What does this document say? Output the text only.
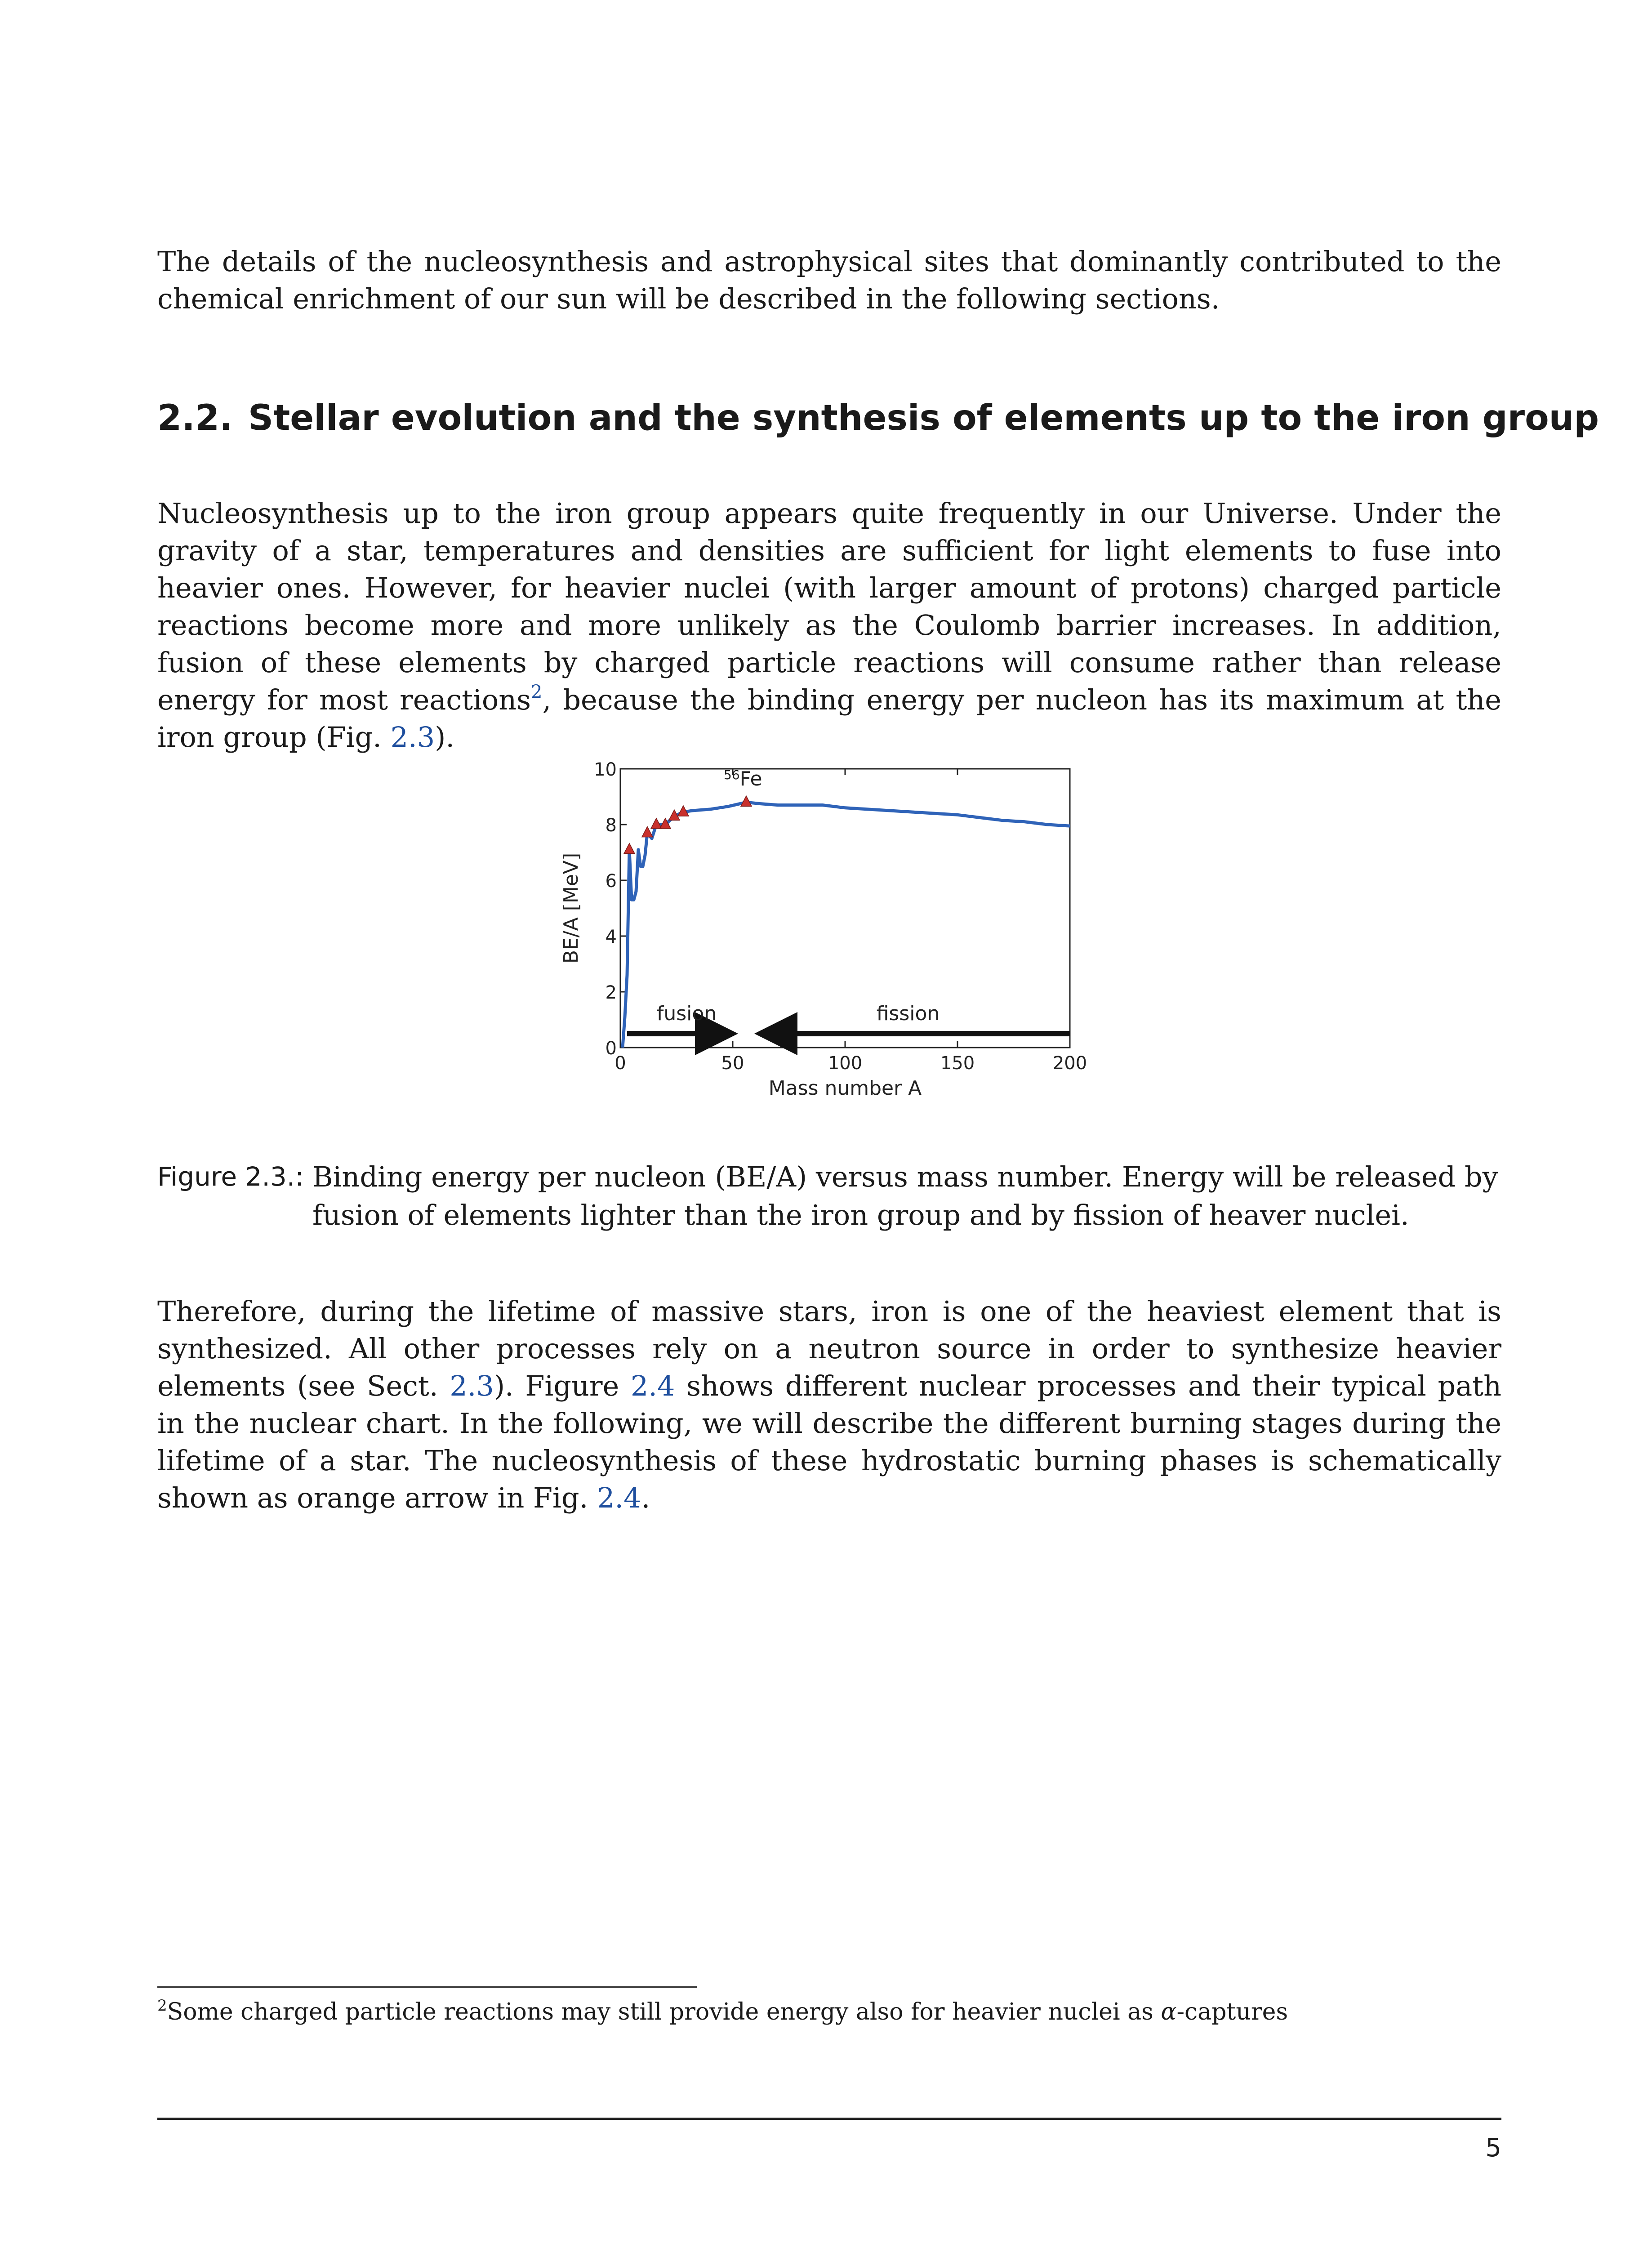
The details of the nucleosynthesis and astrophysical sites that dominantly contributed to the chemical enrichment of our sun will be described in the following sections.
2.2. Stellar evolution and the synthesis of elements up to the iron group
Nucleosynthesis up to the iron group appears quite frequently in our Universe. Under the gravity of a star, temperatures and densities are sufficient for light elements to fuse into heavier ones. However, for heavier nuclei (with larger amount of protons) charged particle reactions become more and more unlikely as the Coulomb barrier increases. In addition, fusion of these elements by charged particle reactions will consume rather than release energy for most reactions$^2$, because the binding energy per nucleon has its maximum at the iron group (Fig. 2.3).
0
2
4
6
8
10
0	50	100	150	200
fusion	fission
$^{56}$Fe
Mass number A
BE/A [MeV]
Figure 2.3.: Binding energy per nucleon (BE/A) versus mass number. Energy will be released by fusion of elements lighter than the iron group and by fission of heaver nuclei.
Therefore, during the lifetime of massive stars, iron is one of the heaviest element that is synthesized. All other processes rely on a neutron source in order to synthesize heavier elements (see Sect. 2.3). Figure 2.4 shows different nuclear processes and their typical path in the nuclear chart. In the following, we will describe the different burning stages during the lifetime of a star. The nucleosynthesis of these hydrostatic burning phases is schematically shown as orange arrow in Fig. 2.4.
$^2$Some charged particle reactions may still provide energy also for heavier nuclei as α-captures
5
